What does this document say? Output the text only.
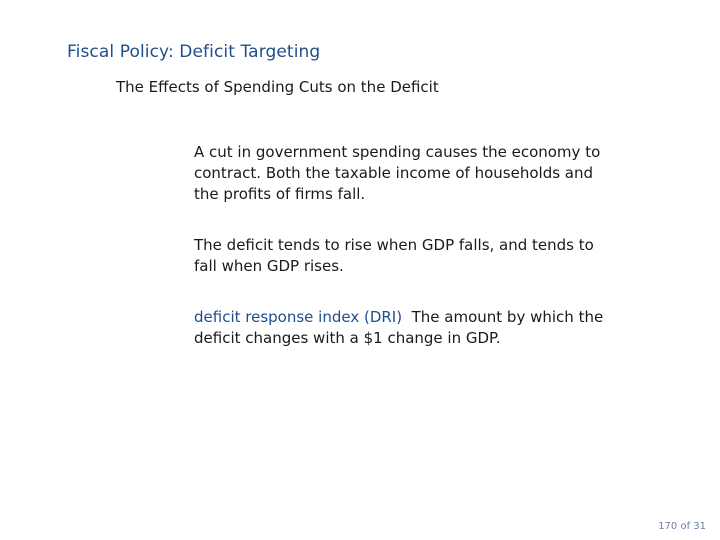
Fiscal Policy: Deficit Targeting
The Effects of Spending Cuts on the Deficit

A cut in government spending causes the economy to contract. Both the taxable income of households and the profits of firms fall.

The deficit tends to rise when GDP falls, and tends to fall when GDP rises.

deficit response index (DRI) The amount by which the deficit changes with a $1 change in GDP.

170 of 31
